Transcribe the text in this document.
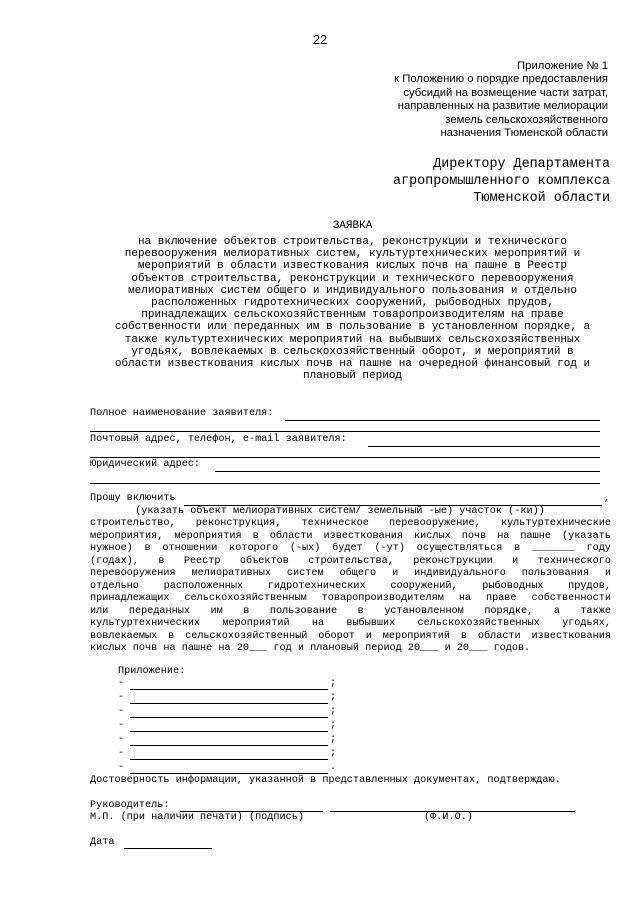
22
Приложение № 1
к Положению о порядке предоставления
субсидий на возмещение части затрат,
направленных на развитие мелиорации
земель сельскохозяйственного
назначения Тюменской области
Директору Департамента
агропромышленного комплекса
Тюменской области
ЗАЯВКА
на включение объектов строительства, реконструкции и технического
перевооружения мелиоративных систем, культуртехнических мероприятий и
мероприятий в области известкования кислых почв на пашне в Реестр
объектов строительства, реконструкции и технического перевооружения
мелиоративных систем общего и индивидуального пользования и отдельно
расположенных гидротехнических сооружений, рыбоводных прудов,
принадлежащих сельскохозяйственным товаропроизводителям на праве
собственности или переданных им в пользование в установленном порядке, а
также культуртехнических мероприятий на выбывших сельскохозяйственных
угодьях, вовлекаемых в сельскохозяйственный оборот, и мероприятий в
области известкования кислых почв на пашне на очередной финансовый год и
плановый период
Полное наименование заявителя:
Почтовый адрес, телефон, e-mail заявителя:
Юридический адрес:
Прошу включить	,
(указать объект мелиоративных систем/ земельный -ые) участок (-ки))
строительство, реконструкция, техническое перевооружение, культуртехнические
мероприятия, мероприятия в области известкования кислых почв на пашне (указать
нужное) в отношении которого (-ых) будет (-ут) осуществляться в _______ году
(годах), в Реестр объектов строительства, реконструкции и технического
перевооружения мелиоративных систем общего и индивидуального пользования и
отдельно расположенных гидротехнических сооружений, рыбоводных прудов,
принадлежащих сельскохозяйственным товаропроизводителям на праве собственности
или переданных им в пользование в установленном порядке, а также
культуртехнических мероприятий на выбывших сельскохозяйственных угодьях,
вовлекаемых в сельскохозяйственный оборот и мероприятий в области известкования
кислых почв на пашне на 20___ год и плановый период 20___ и 20___ годов.
Приложение:
-	;
-	;
-	;
-	;
-	;
-	;
-	.
Достоверность информации, указанной в представленных документах, подтверждаю.
Руководитель:
М.П. (при наличии печати) (подпись)	(Ф.И.О.)
Дата
